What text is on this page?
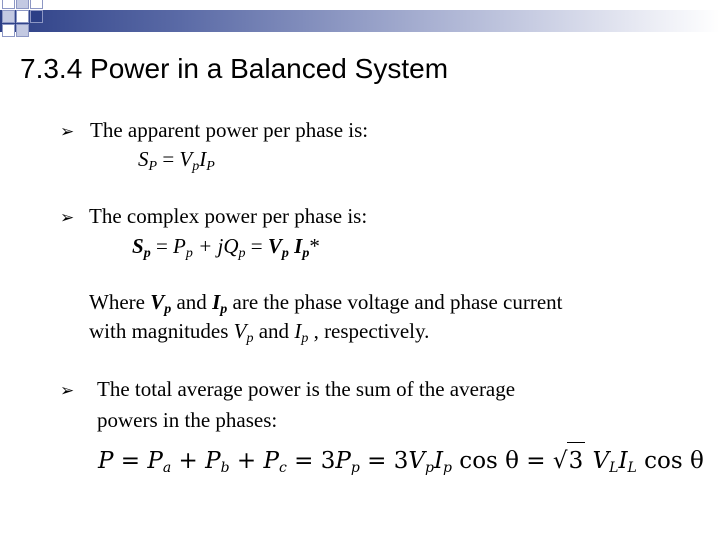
7.3.4 Power in a Balanced System
➢ The apparent power per phase is:
$S_P = V_pI_P$
➢ The complex power per phase is:
$S_p = P_p + jQ_p = V_p$ $I_p*$
Where $V_p$ and $I_p$ are the phase voltage and phase current
with magnitudes $V_p$ and $I_p$ , respectively.
➢ The total average power is the sum of the average
powers in the phases:
$P = P_a + P_b + P_c = 3P_p = 3V_pI_p$ cos θ = √3 $V_LI_L$ cos θ
